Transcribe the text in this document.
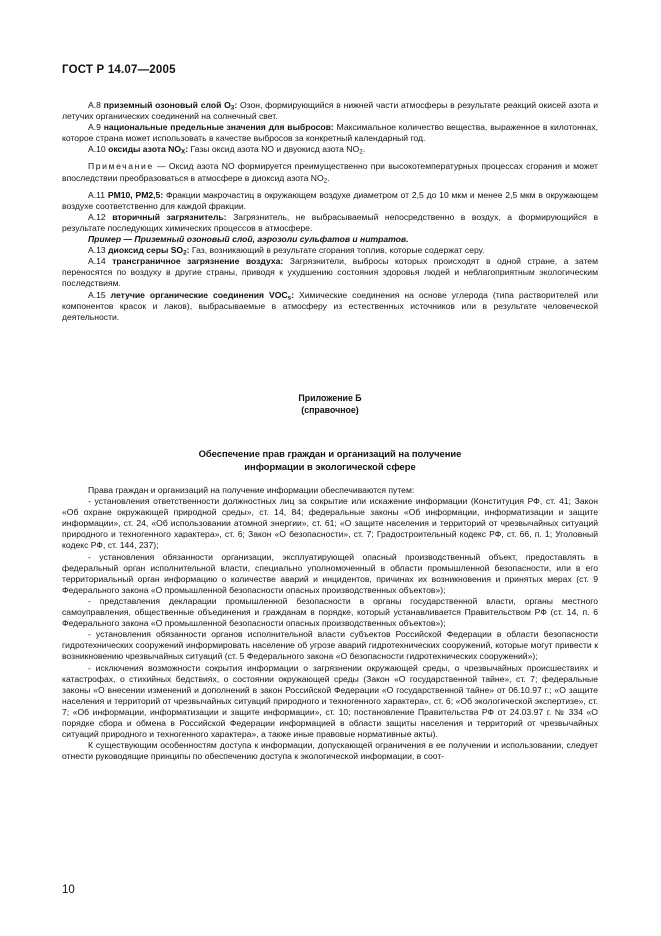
ГОСТ Р 14.07—2005

А.8 приземный озоновый слой $O_3$: Озон, формирующийся в нижней части атмосферы в результате реакций окисей азота и летучих органических соединений на солнечный свет.

А.9 национальные предельные значения для выбросов: Максимальное количество вещества, выраженное в килотоннах, которое страна может использовать в качестве выбросов за конкретный календарный год.

А.10 оксиды азота $NO_X$: Газы оксид азота NO и двуокисд азота $NO_2$.

Примечание — Оксид азота NO формируется преимущественно при высокотемпературных процессах сгорания и может впоследствии преобразоваться в атмосфере в диоксид азота $NO_2$.

А.11 PM10, PM2,5: Фракции макрочастиц в окружающем воздухе диаметром от 2,5 до 10 мкм и менее 2,5 мкм в окружающем воздухе соответственно для каждой фракции.

А.12 вторичный загрязнитель: Загрязнитель, не выбрасываемый непосредственно в воздух, а формирующийся в результате последующих химических процессов в атмосфере.

Пример — Приземный озоновый слой, аэрозоли сульфатов и нитратов.

А.13 диоксид серы $SO_2$: Газ, возникающий в результате сгорания топлив, которые содержат серу.

А.14 трансграничное загрязнение воздуха: Загрязнители, выбросы которых происходят в одной стране, а затем переносятся по воздуху в другие страны, приводя к ухудшению состояния здоровья людей и неблагоприятным экологическим последствиям.

А.15 летучие органические соединения $VOC_s$: Химические соединения на основе углерода (типа растворителей или компонентов красок и лаков), выбрасываемые в атмосферу из естественных источников или в результате человеческой деятельности.

Приложение Б
(справочное)
Обеспечение прав граждан и организаций на получение
информации в экологической сфере

Права граждан и организаций на получение информации обеспечиваются путем:

- установления ответственности должностных лиц за сокрытие или искажение информации (Конституция РФ, ст. 41; Закон «Об охране окружающей природной среды», ст. 14, 84; федеральные законы «Об информации, информатизации и защите информации», ст. 24, «Об использовании атомной энергии», ст. 61; «О защите населения и территорий от чрезвычайных ситуаций природного и техногенного характера», ст. 6; Закон «О безопасности», ст. 7; Градостроительный кодекс РФ, ст. 66, п. 1; Уголовный кодекс РФ, ст. 144, 237);

- установления обязанности организации, эксплуатирующей опасный производственный объект, предоставлять в федеральный орган исполнительной власти, специально уполномоченный в области промышленной безопасности, или в его территориальный орган информацию о количестве аварий и инцидентов, причинах их возникновения и принятых мерах (ст. 9 Федерального закона «О промышленной безопасности опасных производственных объектов»);

- представления декларации промышленной безопасности в органы государственной власти, органы местного самоуправления, общественные объединения и гражданам в порядке, который устанавливается Правительством РФ (ст. 14, п. 6 Федерального закона «О промышленной безопасности опасных производственных объектов»);

- установления обязанности органов исполнительной власти субъектов Российской Федерации в области безопасности гидротехнических сооружений информировать население об угрозе аварий гидротехнических сооружений, которые могут привести к возникновению чрезвычайных ситуаций (ст. 5 Федерального закона «О безопасности гидротехнических сооружений»);

- исключения возможности сокрытия информации о загрязнении окружающей среды, о чрезвычайных происшествиях и катастрофах, о стихийных бедствиях, о состоянии окружающей среды (Закон «О государственной тайне», ст. 7; федеральные законы «О внесении изменений и дополнений в закон Российской Федерации «О государственной тайне» от 06.10.97 г.; «О защите населения и территорий от чрезвычайных ситуаций природного и техногенного характера», ст. 6; «Об экологической экспертизе», ст. 7; «Об информации, информатизации и защите информации», ст. 10; постановление Правительства РФ от 24.03.97 г. № 334 «О порядке сбора и обмена в Российской Федерации информацией в области защиты населения и территорий от чрезвычайных ситуаций природного и техногенного характера», а также иные правовые нормативные акты).

К существующим особенностям доступа к информации, допускающей ограничения в ее получении и использовании, следует отнести руководящие принципы по обеспечению доступа к экологической информации, в соот-

10
